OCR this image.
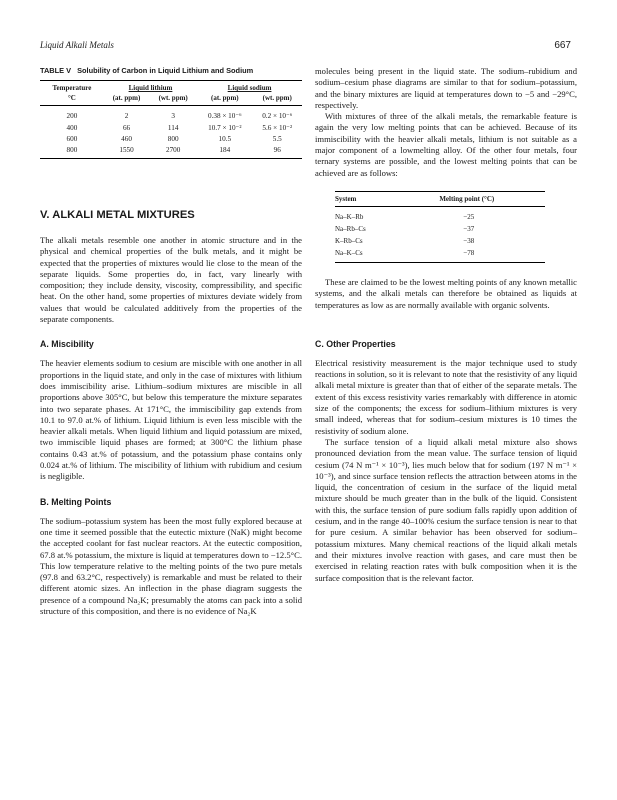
Liquid Alkali Metals	667
TABLE V Solubility of Carbon in Liquid Lithium and Sodium
Temperature	Liquid lithium		Liquid sodium	
°C	(at. ppm)	(wt. ppm)	(at. ppm)	(wt. ppm)
200	2	3	0.38 × 10⁻⁶	0.2 × 10⁻⁶
400	66	114	10.7 × 10⁻²	5.6 × 10⁻²
600	460	800	10.5	5.5
800	1550	2700	184	96
V. ALKALI METAL MIXTURES

The alkali metals resemble one another in atomic structure and in the physical and chemical properties of the bulk metals, and it might be expected that the properties of mixtures would lie close to the mean of the separate liquids. Some properties do, in fact, vary linearly with composition; they include density, viscosity, compressibility, and specific heat. On the other hand, some properties of mixtures deviate widely from values that would be calculated additively from the properties of the separate components.

A. Miscibility

The heavier elements sodium to cesium are miscible with one another in all proportions in the liquid state, and only in the case of mixtures with lithium does immiscibility arise. Lithium–sodium mixtures are miscible in all proportions above 305°C, but below this temperature the mixture separates into two separate phases. At 171°C, the immiscibility gap extends from 10.1 to 97.0 at.% of lithium. Liquid lithium is even less miscible with the heavier alkali metals. When liquid lithium and liquid potassium are mixed, two immiscible liquid phases are formed; at 300°C the lithium phase contains 0.43 at.% of potassium, and the potassium phase contains only 0.024 at.% of lithium. The miscibility of lithium with rubidium and cesium is negligible.

B. Melting Points

The sodium–potassium system has been the most fully explored because at one time it seemed possible that the eutectic mixture (NaK) might become the accepted coolant for fast nuclear reactors. At the eutectic composition, 67.8 at.% potassium, the mixture is liquid at temperatures down to −12.5°C. This low temperature relative to the melting points of the two pure metals (97.8 and 63.2°C, respectively) is remarkable and must be related to their different atomic sizes. An inflection in the phase diagram suggests the presence of a compound Na₂K; presumably the atoms can pack into a solid structure of this composition, and there is no evidence of Na₂K

molecules being present in the liquid state. The sodium–rubidium and sodium–cesium phase diagrams are similar to that for sodium–potassium, and the binary mixtures are liquid at temperatures down to −5 and −29°C, respectively.

With mixtures of three of the alkali metals, the remarkable feature is again the very low melting points that can be achieved. Because of its immiscibility with the heavier alkali metals, lithium is not suitable as a major component of a lowmelting alloy. Of the other four metals, four ternary systems are possible, and the lowest melting points that can be achieved are as follows:

System	Melting point (°C)
Na–K–Rb	−25
Na–Rb–Cs	−37
K–Rb–Cs	−38
Na–K–Cs	−78

These are claimed to be the lowest melting points of any known metallic systems, and the alkali metals can therefore be obtained as liquids at temperatures as low as are normally available with organic solvents.

C. Other Properties

Electrical resistivity measurement is the major technique used to study reactions in solution, so it is relevant to note that the resistivity of any liquid alkali metal mixture is greater than that of either of the separate metals. The extent of this excess resistivity varies remarkably with difference in atomic size of the components; the excess for sodium–lithium mixtures is very small indeed, whereas that for sodium–cesium mixtures is 10 times the resistivity of sodium alone.

The surface tension of a liquid alkali metal mixture also shows pronounced deviation from the mean value. The surface tension of liquid cesium (74 N m⁻¹ × 10⁻³), lies much below that for sodium (197 N m⁻¹ × 10⁻³), and since surface tension reflects the attraction between atoms in the liquid, the concentration of cesium in the surface of the liquid metal mixture should be much greater than in the bulk of the liquid. Consistent with this, the surface tension of pure sodium falls rapidly upon addition of cesium, and in the range 40–100% cesium the surface tension is near to that for pure cesium. A similar behavior has been observed for sodium–potassium mixtures. Many chemical reactions of the liquid alkali metals and their mixtures involve reaction with gases, and care must then be exercised in relating reaction rates with bulk composition when it is the surface composition that is the relevant factor.
